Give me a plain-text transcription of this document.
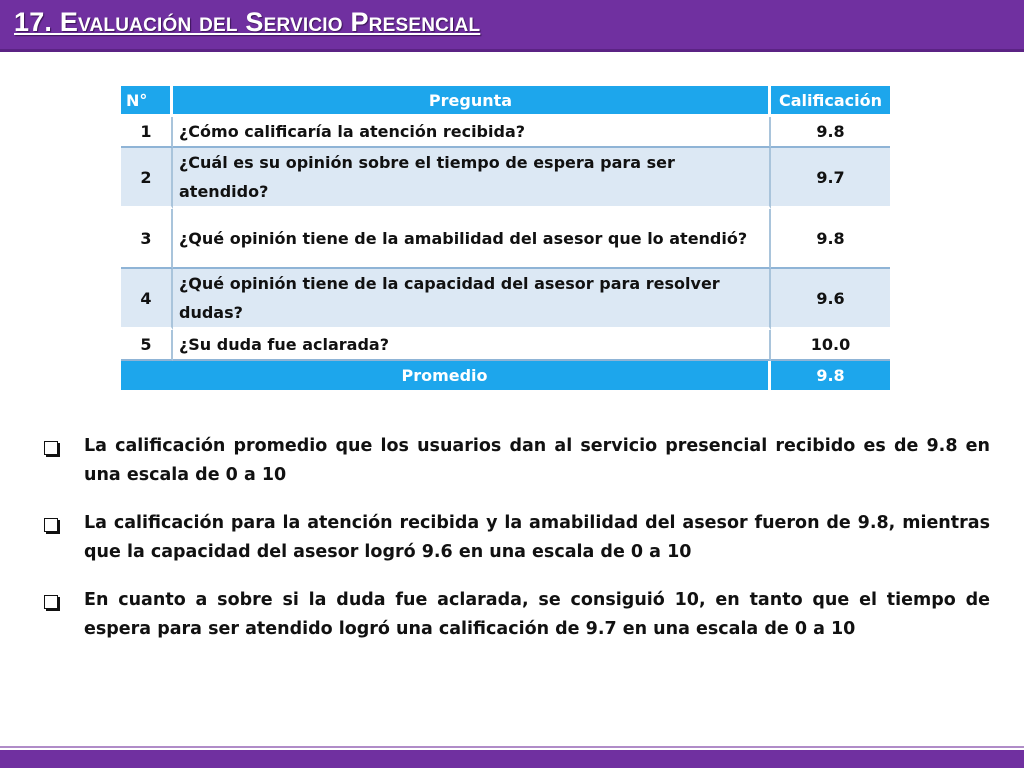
17. Evaluación del Servicio Presencial
N°	Pregunta	Calificación
1	¿Cómo calificaría la atención recibida?	9.8
2	¿Cuál es su opinión sobre el tiempo de espera para ser atendido?	9.7
3	¿Qué opinión tiene de la amabilidad del asesor que lo atendió?	9.8
4	¿Qué opinión tiene de la capacidad del asesor para resolver dudas?	9.6
5	¿Su duda fue aclarada?	10.0
Promedio		9.8
La calificación promedio que los usuarios dan al servicio presencial recibido es de 9.8 en una escala de 0 a 10
La calificación para la atención recibida y la amabilidad del asesor fueron de 9.8, mientras que la capacidad del asesor logró 9.6 en una escala de 0 a 10
En cuanto a sobre si la duda fue aclarada, se consiguió 10, en tanto que el tiempo de espera para ser atendido logró una calificación de 9.7 en una escala de 0 a 10
